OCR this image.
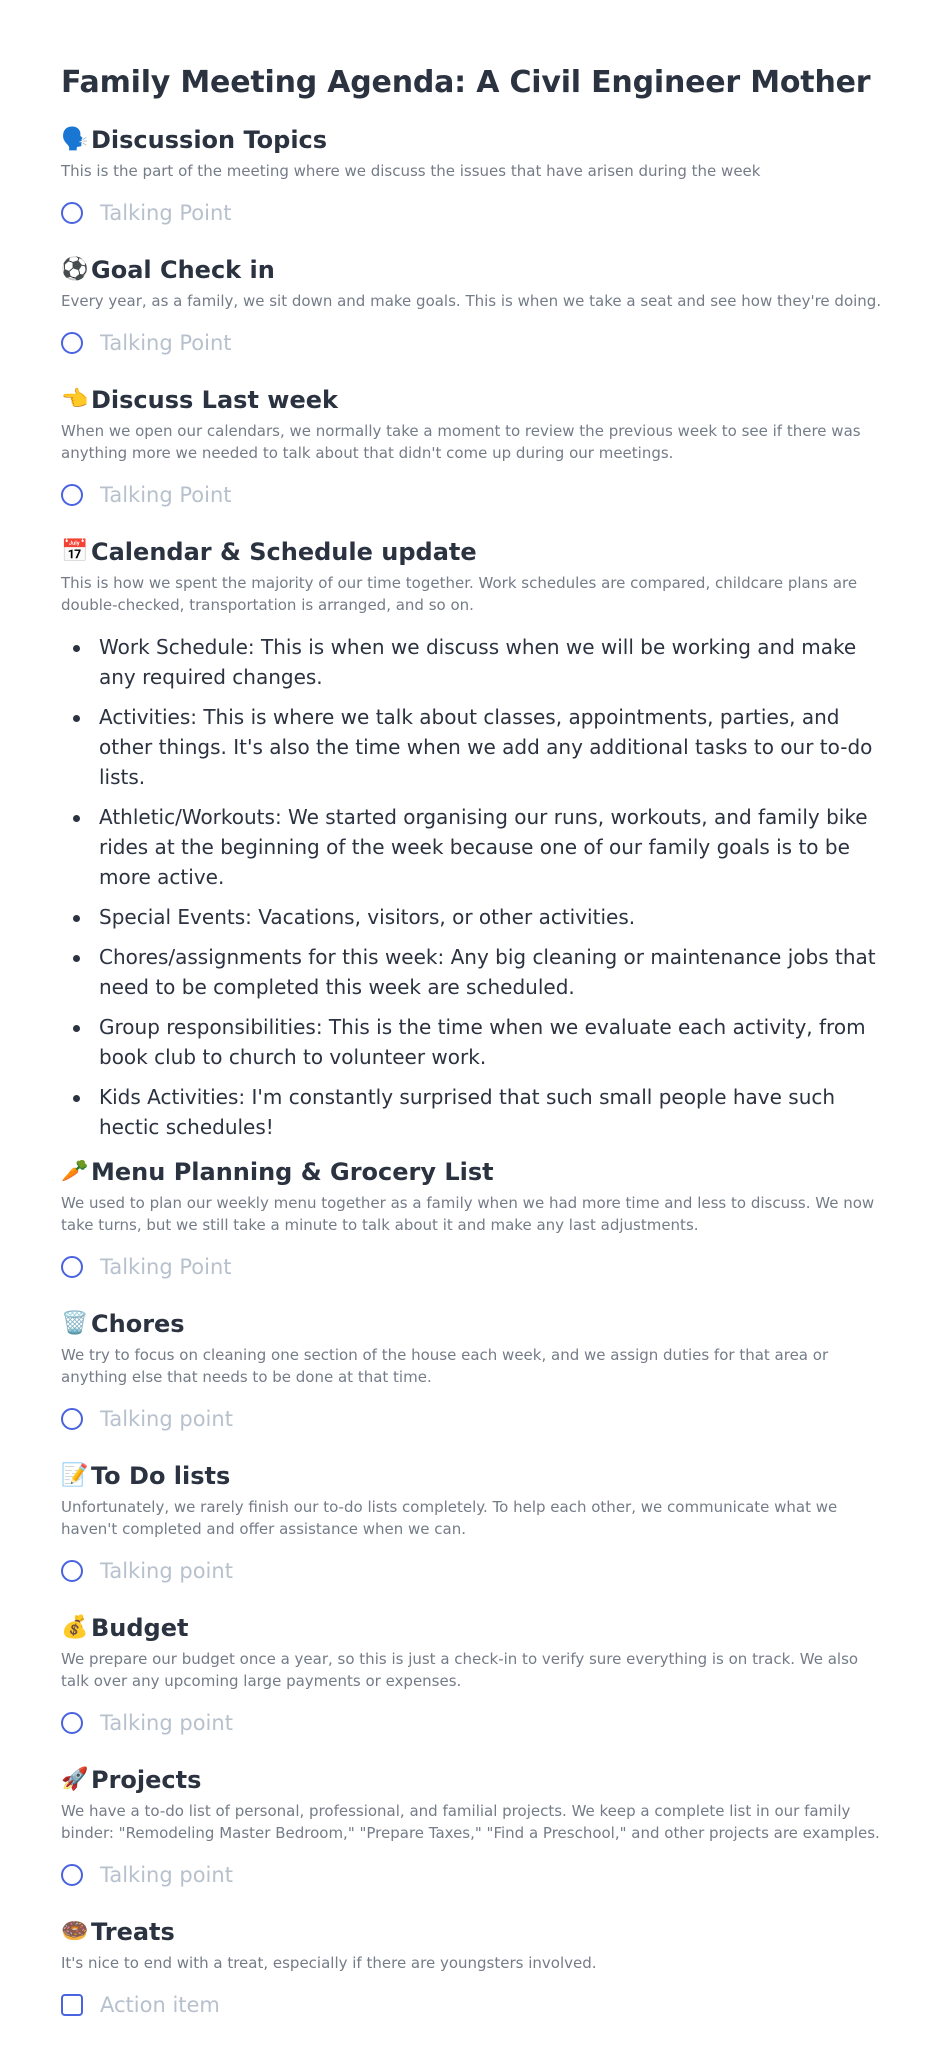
Family Meeting Agenda: A Civil Engineer Mother
🗣️ Discussion Topics
This is the part of the meeting where we discuss the issues that have arisen during the week
Talking Point
⚽ Goal Check in
Every year, as a family, we sit down and make goals. This is when we take a seat and see how they're doing.
Talking Point
👈 Discuss Last week
When we open our calendars, we normally take a moment to review the previous week to see if there was anything more we needed to talk about that didn't come up during our meetings.
Talking Point
📅 Calendar & Schedule update
This is how we spent the majority of our time together. Work schedules are compared, childcare plans are double-checked, transportation is arranged, and so on.
Work Schedule: This is when we discuss when we will be working and make any required changes.
Activities: This is where we talk about classes, appointments, parties, and other things. It's also the time when we add any additional tasks to our to-do lists.
Athletic/Workouts: We started organising our runs, workouts, and family bike rides at the beginning of the week because one of our family goals is to be more active.
Special Events: Vacations, visitors, or other activities.
Chores/assignments for this week: Any big cleaning or maintenance jobs that need to be completed this week are scheduled.
Group responsibilities: This is the time when we evaluate each activity, from book club to church to volunteer work.
Kids Activities: I'm constantly surprised that such small people have such hectic schedules!
🥕 Menu Planning & Grocery List
We used to plan our weekly menu together as a family when we had more time and less to discuss. We now take turns, but we still take a minute to talk about it and make any last adjustments.
Talking Point
🗑️ Chores
We try to focus on cleaning one section of the house each week, and we assign duties for that area or anything else that needs to be done at that time.
Talking point
📝 To Do lists
Unfortunately, we rarely finish our to-do lists completely. To help each other, we communicate what we haven't completed and offer assistance when we can.
Talking point
💰 Budget
We prepare our budget once a year, so this is just a check-in to verify sure everything is on track. We also talk over any upcoming large payments or expenses.
Talking point
🚀 Projects
We have a to-do list of personal, professional, and familial projects. We keep a complete list in our family binder: "Remodeling Master Bedroom," "Prepare Taxes," "Find a Preschool," and other projects are examples.
Talking point
🍩 Treats
It's nice to end with a treat, especially if there are youngsters involved.
Action item
